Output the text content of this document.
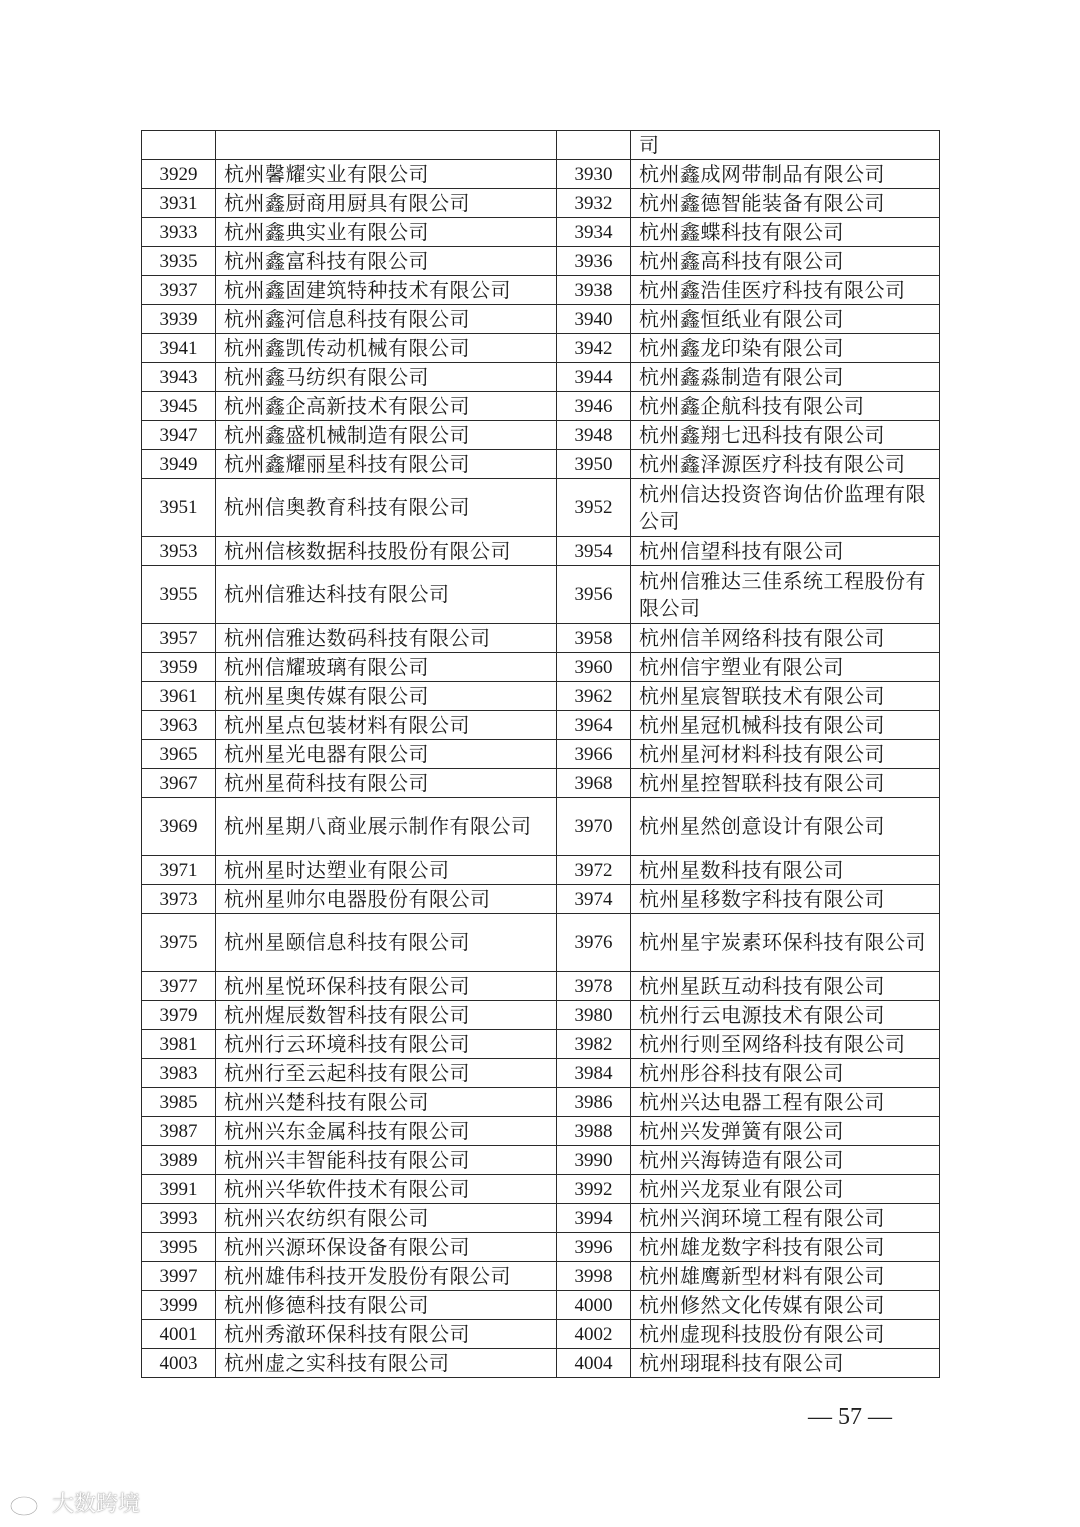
			司
3929	杭州馨耀实业有限公司	3930	杭州鑫成网带制品有限公司
3931	杭州鑫厨商用厨具有限公司	3932	杭州鑫德智能装备有限公司
3933	杭州鑫典实业有限公司	3934	杭州鑫蝶科技有限公司
3935	杭州鑫富科技有限公司	3936	杭州鑫高科技有限公司
3937	杭州鑫固建筑特种技术有限公司	3938	杭州鑫浩佳医疗科技有限公司
3939	杭州鑫河信息科技有限公司	3940	杭州鑫恒纸业有限公司
3941	杭州鑫凯传动机械有限公司	3942	杭州鑫龙印染有限公司
3943	杭州鑫马纺织有限公司	3944	杭州鑫淼制造有限公司
3945	杭州鑫企高新技术有限公司	3946	杭州鑫企航科技有限公司
3947	杭州鑫盛机械制造有限公司	3948	杭州鑫翔七迅科技有限公司
3949	杭州鑫耀丽星科技有限公司	3950	杭州鑫泽源医疗科技有限公司
3951	杭州信奥教育科技有限公司	3952	杭州信达投资咨询估价监理有限公司
3953	杭州信核数据科技股份有限公司	3954	杭州信望科技有限公司
3955	杭州信雅达科技有限公司	3956	杭州信雅达三佳系统工程股份有限公司
3957	杭州信雅达数码科技有限公司	3958	杭州信羊网络科技有限公司
3959	杭州信耀玻璃有限公司	3960	杭州信宇塑业有限公司
3961	杭州星奥传媒有限公司	3962	杭州星宸智联技术有限公司
3963	杭州星点包装材料有限公司	3964	杭州星冠机械科技有限公司
3965	杭州星光电器有限公司	3966	杭州星河材料科技有限公司
3967	杭州星荷科技有限公司	3968	杭州星控智联科技有限公司
3969	杭州星期八商业展示制作有限公司	3970	杭州星然创意设计有限公司
3971	杭州星时达塑业有限公司	3972	杭州星数科技有限公司
3973	杭州星帅尔电器股份有限公司	3974	杭州星移数字科技有限公司
3975	杭州星颐信息科技有限公司	3976	杭州星宇炭素环保科技有限公司
3977	杭州星悦环保科技有限公司	3978	杭州星跃互动科技有限公司
3979	杭州煋辰数智科技有限公司	3980	杭州行云电源技术有限公司
3981	杭州行云环境科技有限公司	3982	杭州行则至网络科技有限公司
3983	杭州行至云起科技有限公司	3984	杭州彤谷科技有限公司
3985	杭州兴楚科技有限公司	3986	杭州兴达电器工程有限公司
3987	杭州兴东金属科技有限公司	3988	杭州兴发弹簧有限公司
3989	杭州兴丰智能科技有限公司	3990	杭州兴海铸造有限公司
3991	杭州兴华软件技术有限公司	3992	杭州兴龙泵业有限公司
3993	杭州兴农纺织有限公司	3994	杭州兴润环境工程有限公司
3995	杭州兴源环保设备有限公司	3996	杭州雄龙数字科技有限公司
3997	杭州雄伟科技开发股份有限公司	3998	杭州雄鹰新型材料有限公司
3999	杭州修德科技有限公司	4000	杭州修然文化传媒有限公司
4001	杭州秀澈环保科技有限公司	4002	杭州虚现科技股份有限公司
4003	杭州虚之实科技有限公司	4004	杭州珝琨科技有限公司
— 57 —
大数跨境
